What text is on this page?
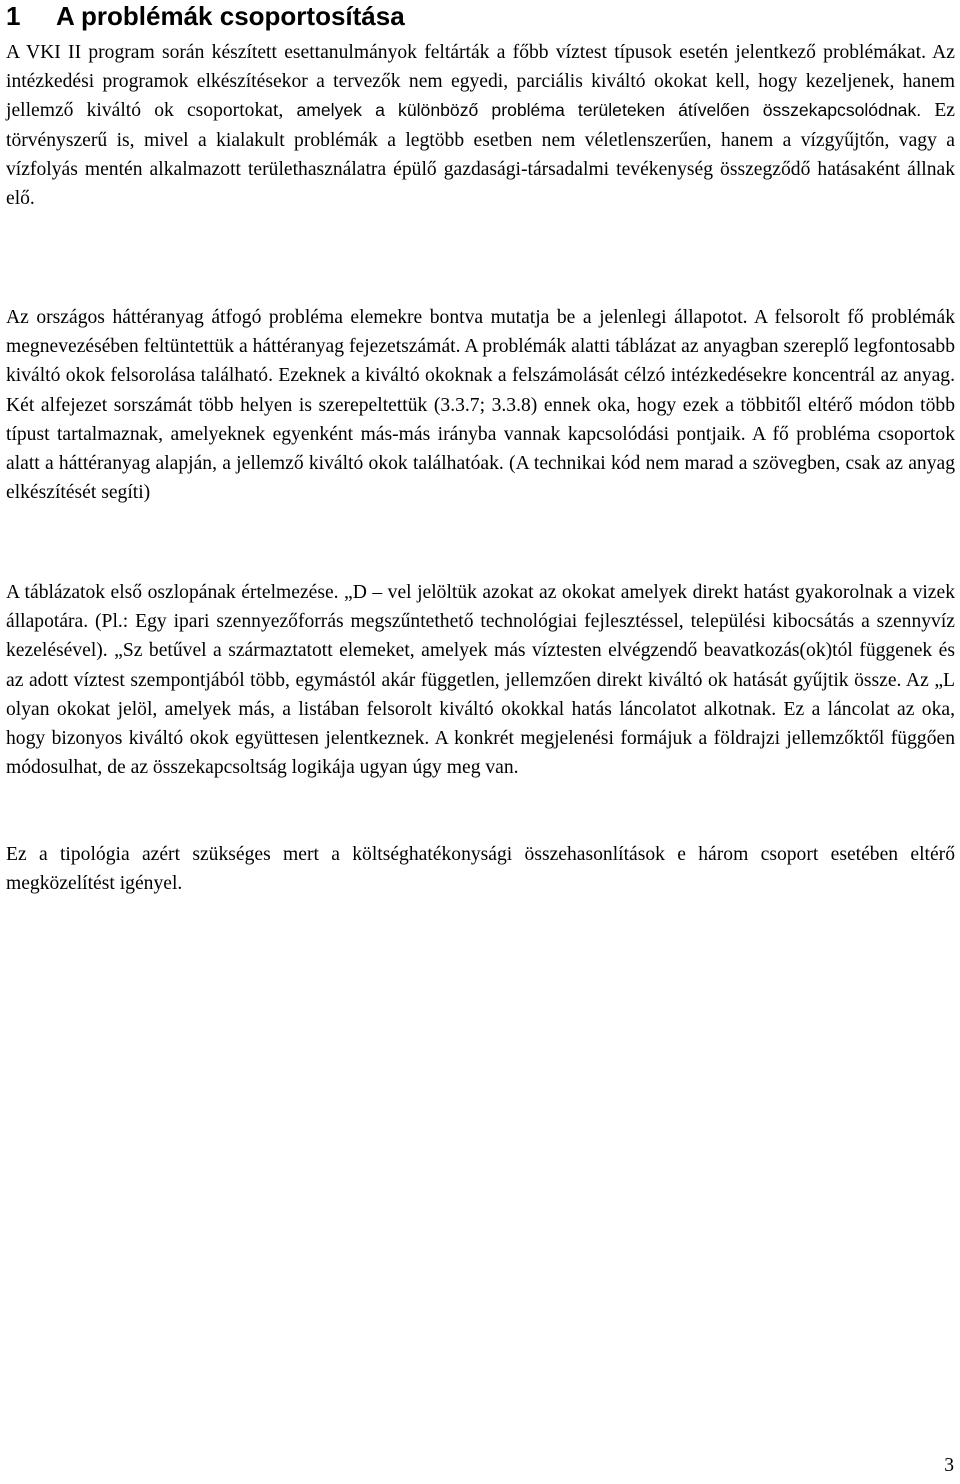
1 A problémák csoportosítása

A VKI II program során készített esettanulmányok feltárták a főbb víztest típusok esetén jelentkező problémákat. Az intézkedési programok elkészítésekor a tervezők nem egyedi, parciális kiváltó okokat kell, hogy kezeljenek, hanem jellemző kiváltó ok csoportokat, amelyek a különböző probléma területeken átívelően összekapcsolódnak. Ez törvényszerű is, mivel a kialakult problémák a legtöbb esetben nem véletlenszerűen, hanem a vízgyűjtőn, vagy a vízfolyás mentén alkalmazott területhasználatra épülő gazdasági-társadalmi tevékenység összegződő hatásaként állnak elő.

Az országos háttéranyag átfogó probléma elemekre bontva mutatja be a jelenlegi állapotot. A felsorolt fő problémák megnevezésében feltüntettük a háttéranyag fejezetszámát. A problémák alatti táblázat az anyagban szereplő legfontosabb kiváltó okok felsorolása található. Ezeknek a kiváltó okoknak a felszámolását célzó intézkedésekre koncentrál az anyag. Két alfejezet sorszámát több helyen is szerepeltettük (3.3.7; 3.3.8) ennek oka, hogy ezek a többitől eltérő módon több típust tartalmaznak, amelyeknek egyenként más-más irányba vannak kapcsolódási pontjaik. A fő probléma csoportok alatt a háttéranyag alapján, a jellemző kiváltó okok találhatóak. (A technikai kód nem marad a szövegben, csak az anyag elkészítését segíti)

A táblázatok első oszlopának értelmezése. „D – vel jelöltük azokat az okokat amelyek direkt hatást gyakorolnak a vizek állapotára. (Pl.: Egy ipari szennyezőforrás megszűntethető technológiai fejlesztéssel, települési kibocsátás a szennyvíz kezelésével). „Sz betűvel a származtatott elemeket, amelyek más víztesten elvégzendő beavatkozás(ok)tól függenek és az adott víztest szempontjából több, egymástól akár független, jellemzően direkt kiváltó ok hatását gyűjtik össze. Az „L olyan okokat jelöl, amelyek más, a listában felsorolt kiváltó okokkal hatás láncolatot alkotnak. Ez a láncolat az oka, hogy bizonyos kiváltó okok együttesen jelentkeznek. A konkrét megjelenési formájuk a földrajzi jellemzőktől függően módosulhat, de az összekapcsoltság logikája ugyan úgy meg van.

Ez a tipológia azért szükséges mert a költséghatékonysági összehasonlítások e három csoport esetében eltérő megközelítést igényel.

3
